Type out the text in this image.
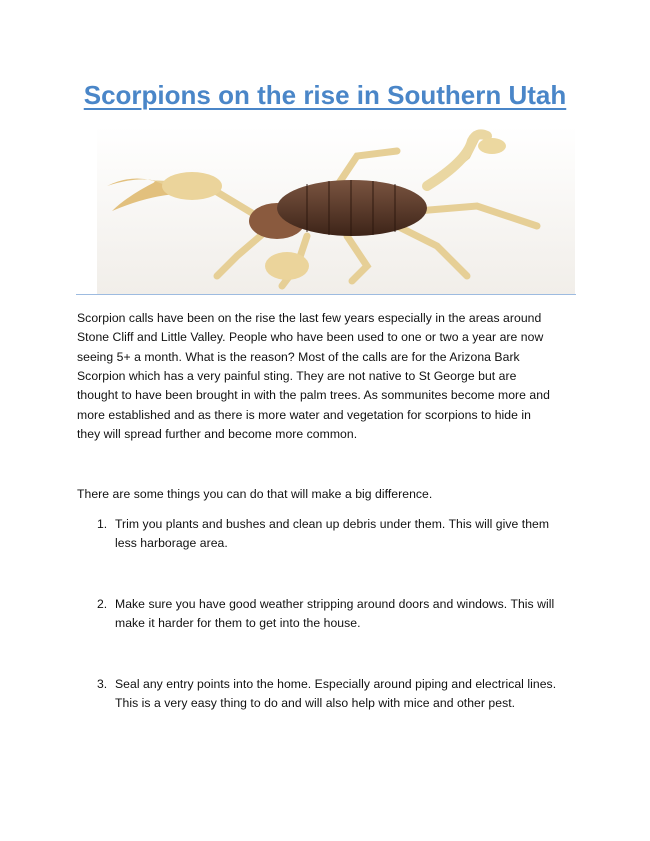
Scorpions on the rise in Southern Utah
Scorpion calls have been on the rise the last few years especially in the areas around
Stone Cliff and Little Valley. People who have been used to one or two a year are now
seeing 5+ a month. What is the reason? Most of the calls are for the Arizona Bark
Scorpion which has a very painful sting. They are not native to St George but are
thought to have been brought in with the palm trees. As sommunites become more and
more established and as there is more water and vegetation for scorpions to hide in
they will spread further and become more common.
There are some things you can do that will make a big difference.
1. Trim you plants and bushes and clean up debris under them. This will give them
less harborage area.
2. Make sure you have good weather stripping around doors and windows. This will
make it harder for them to get into the house.
3. Seal any entry points into the home. Especially around piping and electrical lines.
This is a very easy thing to do and will also help with mice and other pest.
